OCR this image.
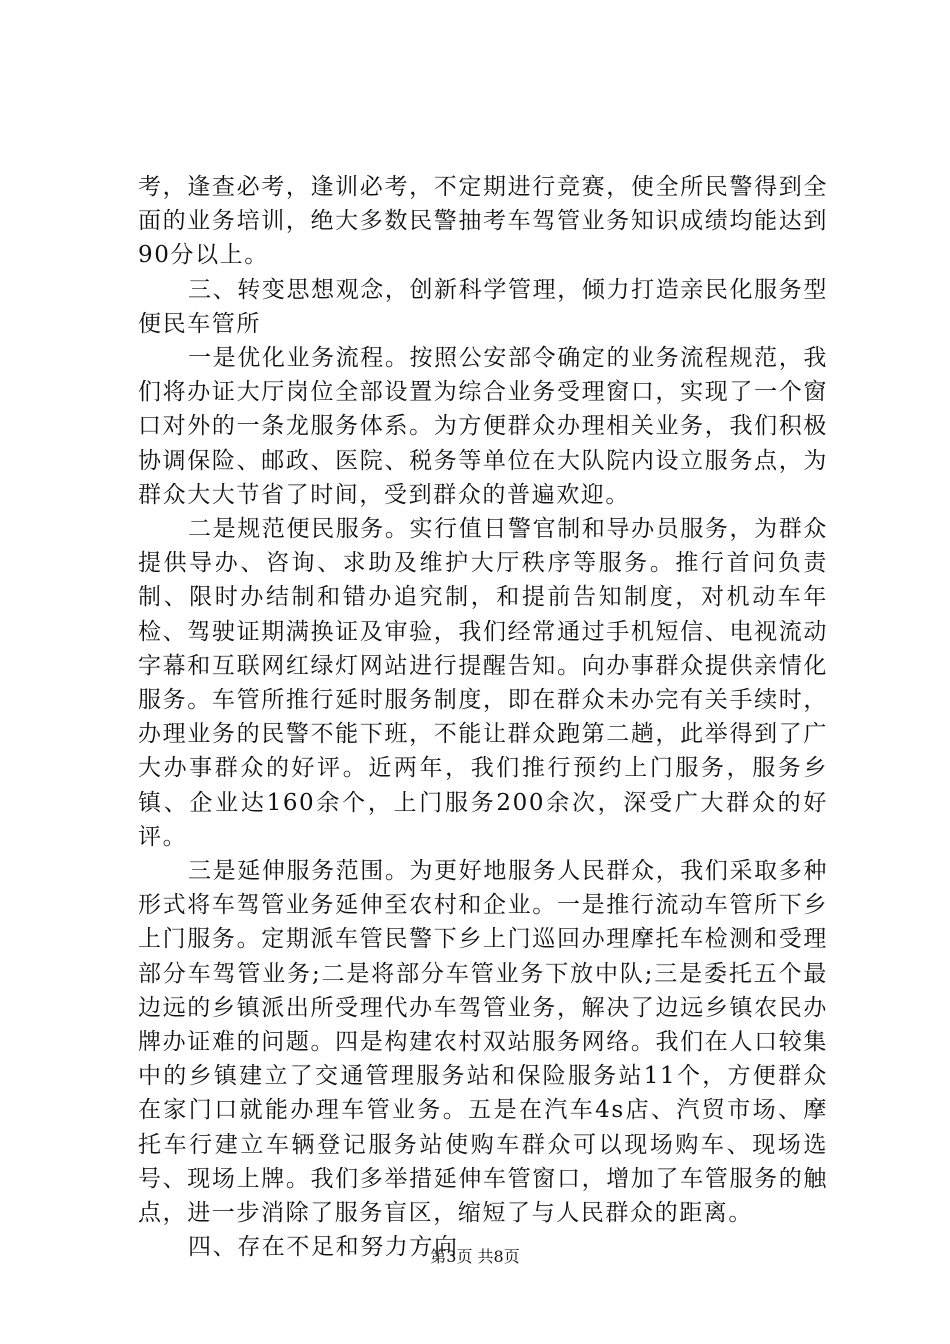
考，逢查必考，逢训必考，不定期进行竞赛，使全所民警得到全面的业务培训，绝大多数民警抽考车驾管业务知识成绩均能达到90分以上。

三、转变思想观念，创新科学管理，倾力打造亲民化服务型便民车管所

一是优化业务流程。按照公安部令确定的业务流程规范，我们将办证大厅岗位全部设置为综合业务受理窗口，实现了一个窗口对外的一条龙服务体系。为方便群众办理相关业务，我们积极协调保险、邮政、医院、税务等单位在大队院内设立服务点，为群众大大节省了时间，受到群众的普遍欢迎。

二是规范便民服务。实行值日警官制和导办员服务，为群众提供导办、咨询、求助及维护大厅秩序等服务。推行首问负责制、限时办结制和错办追究制，和提前告知制度，对机动车年检、驾驶证期满换证及审验，我们经常通过手机短信、电视流动字幕和互联网红绿灯网站进行提醒告知。向办事群众提供亲情化服务。车管所推行延时服务制度，即在群众未办完有关手续时，办理业务的民警不能下班，不能让群众跑第二趟，此举得到了广大办事群众的好评。近两年，我们推行预约上门服务，服务乡镇、企业达160余个，上门服务200余次，深受广大群众的好评。

三是延伸服务范围。为更好地服务人民群众，我们采取多种形式将车驾管业务延伸至农村和企业。一是推行流动车管所下乡上门服务。定期派车管民警下乡上门巡回办理摩托车检测和受理部分车驾管业务;二是将部分车管业务下放中队;三是委托五个最边远的乡镇派出所受理代办车驾管业务，解决了边远乡镇农民办牌办证难的问题。四是构建农村双站服务网络。我们在人口较集中的乡镇建立了交通管理服务站和保险服务站11个，方便群众在家门口就能办理车管业务。五是在汽车4s店、汽贸市场、摩托车行建立车辆登记服务站使购车群众可以现场购车、现场选号、现场上牌。我们多举措延伸车管窗口，增加了车管服务的触点，进一步消除了服务盲区，缩短了与人民群众的距离。

四、存在不足和努力方向

第3页 共8页
